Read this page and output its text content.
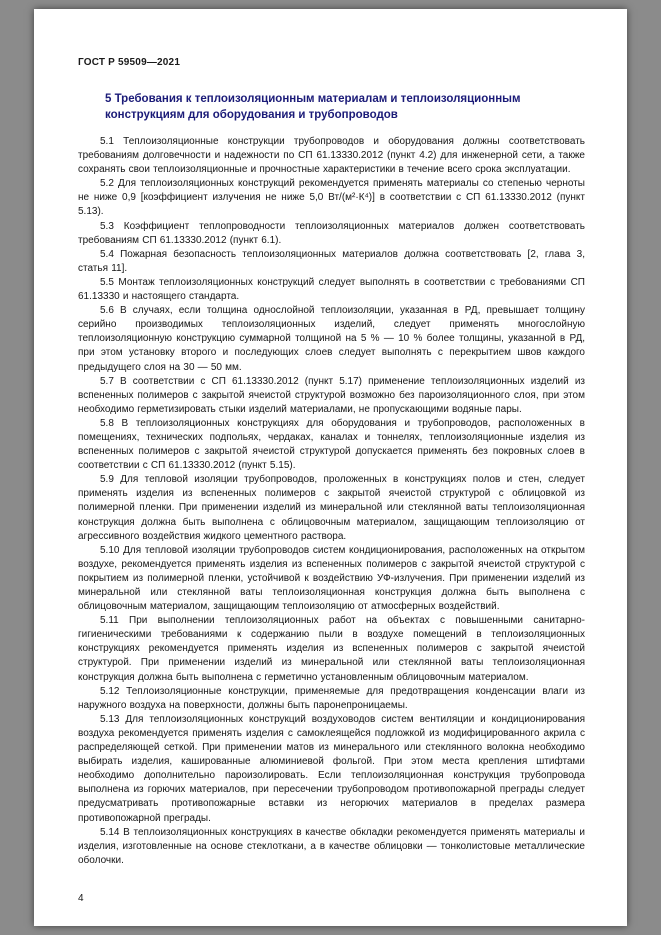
ГОСТ Р 59509—2021
5 Требования к теплоизоляционным материалам и теплоизоляционным конструкциям для оборудования и трубопроводов

5.1 Теплоизоляционные конструкции трубопроводов и оборудования должны соответствовать требованиям долговечности и надежности по СП 61.13330.2012 (пункт 4.2) для инженерной сети, а также сохранять свои теплоизоляционные и прочностные характеристики в течение всего срока эксплуатации.

5.2 Для теплоизоляционных конструкций рекомендуется применять материалы со степенью черноты не ниже 0,9 [коэффициент излучения не ниже 5,0 Вт/(м²·К⁴)] в соответствии с СП 61.13330.2012 (пункт 5.13).

5.3 Коэффициент теплопроводности теплоизоляционных материалов должен соответствовать требованиям СП 61.13330.2012 (пункт 6.1).

5.4 Пожарная безопасность теплоизоляционных материалов должна соответствовать [2, глава 3, статья 11].

5.5 Монтаж теплоизоляционных конструкций следует выполнять в соответствии с требованиями СП 61.13330 и настоящего стандарта.

5.6 В случаях, если толщина однослойной теплоизоляции, указанная в РД, превышает толщину серийно производимых теплоизоляционных изделий, следует применять многослойную теплоизоляционную конструкцию суммарной толщиной на 5 % — 10 % более толщины, указанной в РД, при этом установку второго и последующих слоев следует выполнять с перекрытием швов каждого предыдущего слоя на 30 — 50 мм.

5.7 В соответствии с СП 61.13330.2012 (пункт 5.17) применение теплоизоляционных изделий из вспененных полимеров с закрытой ячеистой структурой возможно без пароизоляционного слоя, при этом необходимо герметизировать стыки изделий материалами, не пропускающими водяные пары.

5.8 В теплоизоляционных конструкциях для оборудования и трубопроводов, расположенных в помещениях, технических подпольях, чердаках, каналах и тоннелях, теплоизоляционные изделия из вспененных полимеров с закрытой ячеистой структурой допускается применять без покровных слоев в соответствии с СП 61.13330.2012 (пункт 5.15).

5.9 Для тепловой изоляции трубопроводов, проложенных в конструкциях полов и стен, следует применять изделия из вспененных полимеров с закрытой ячеистой структурой с облицовкой из полимерной пленки. При применении изделий из минеральной или стеклянной ваты теплоизоляционная конструкция должна быть выполнена с облицовочным материалом, защищающим теплоизоляцию от агрессивного воздействия жидкого цементного раствора.

5.10 Для тепловой изоляции трубопроводов систем кондиционирования, расположенных на открытом воздухе, рекомендуется применять изделия из вспененных полимеров с закрытой ячеистой структурой с покрытием из полимерной пленки, устойчивой к воздействию УФ-излучения. При применении изделий из минеральной или стеклянной ваты теплоизоляционная конструкция должна быть выполнена с облицовочным материалом, защищающим теплоизоляцию от атмосферных воздействий.

5.11 При выполнении теплоизоляционных работ на объектах с повышенными санитарно-гигиеническими требованиями к содержанию пыли в воздухе помещений в теплоизоляционных конструкциях рекомендуется применять изделия из вспененных полимеров с закрытой ячеистой структурой. При применении изделий из минеральной или стеклянной ваты теплоизоляционная конструкция должна быть выполнена с герметично установленным облицовочным материалом.

5.12 Теплоизоляционные конструкции, применяемые для предотвращения конденсации влаги из наружного воздуха на поверхности, должны быть паронепроницаемы.

5.13 Для теплоизоляционных конструкций воздуховодов систем вентиляции и кондиционирования воздуха рекомендуется применять изделия с самоклеящейся подложкой из модифицированного акрила с распределяющей сеткой. При применении матов из минерального или стеклянного волокна необходимо выбирать изделия, кашированные алюминиевой фольгой. При этом места крепления штифтами необходимо дополнительно пароизолировать. Если теплоизоляционная конструкция трубопровода выполнена из горючих материалов, при пересечении трубопроводом противопожарной преграды следует предусматривать противопожарные вставки из негорючих материалов в пределах размера противопожарной преграды.

5.14 В теплоизоляционных конструкциях в качестве обкладки рекомендуется применять материалы и изделия, изготовленные на основе стеклоткани, а в качестве облицовки — тонколистовые металлические оболочки.

4
